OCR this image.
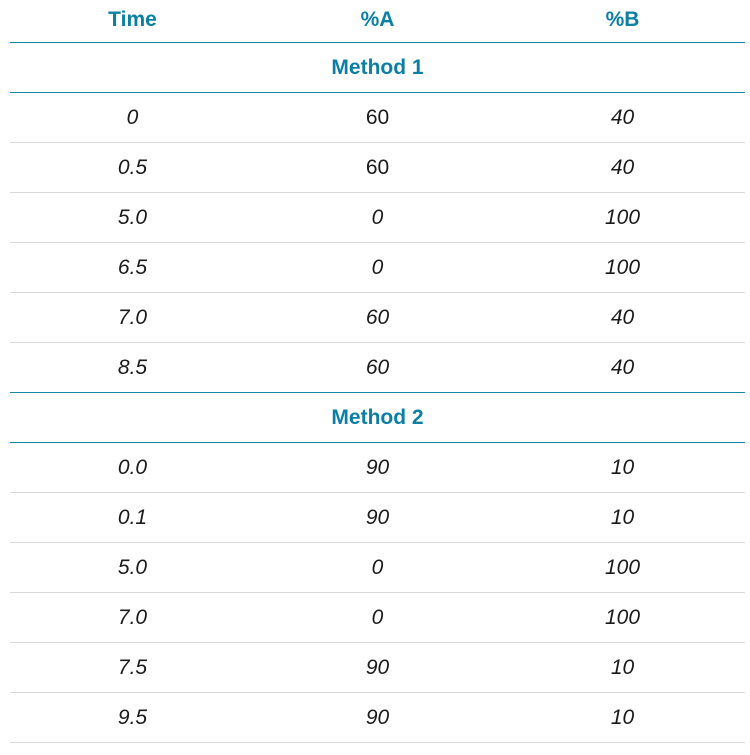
Time	%A	%B
Method 1
0	60	40
0.5	60	40
5.0	0	100
6.5	0	100
7.0	60	40
8.5	60	40
Method 2
0.0	90	10
0.1	90	10
5.0	0	100
7.0	0	100
7.5	90	10
9.5	90	10
